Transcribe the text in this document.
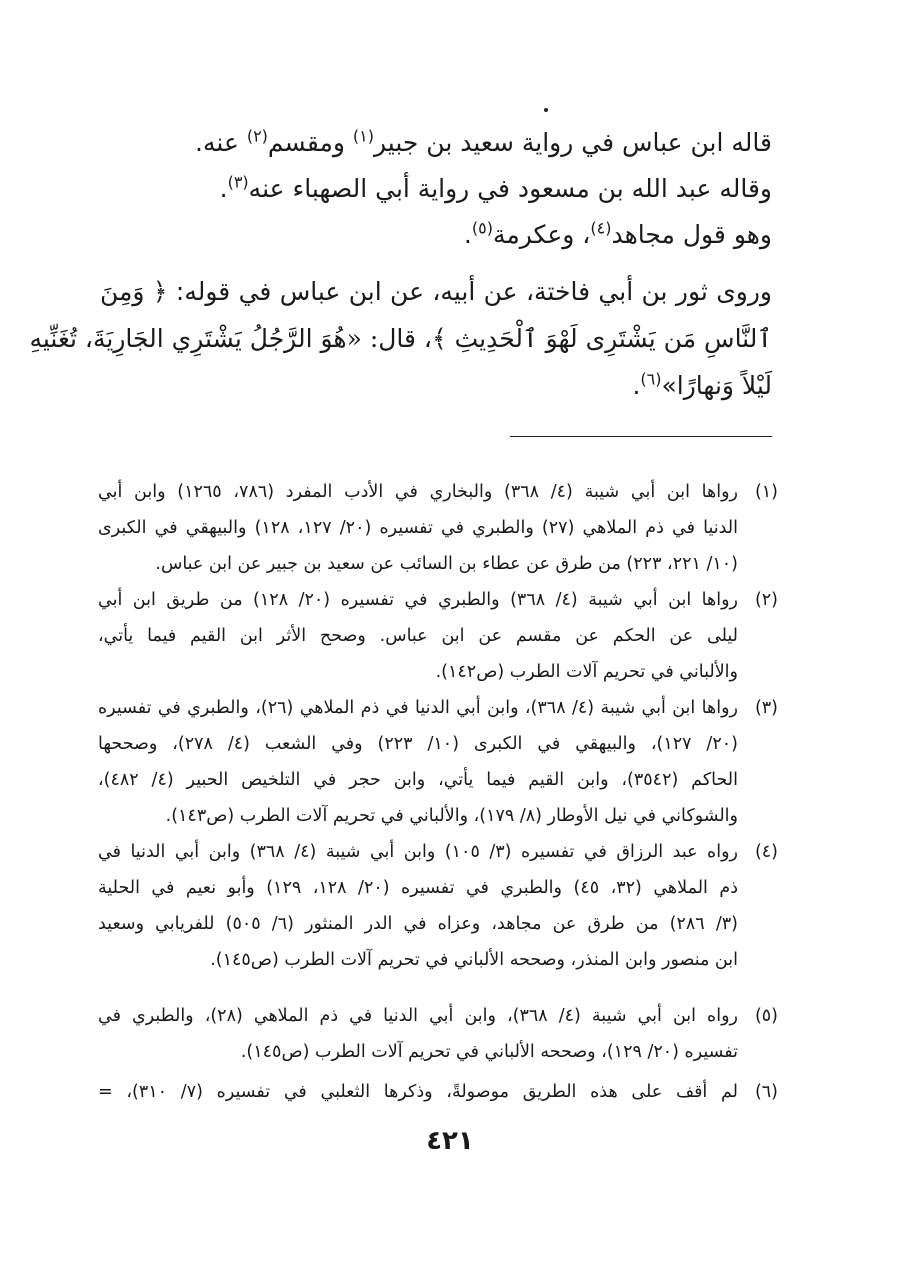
قاله ابن عباس في رواية سعيد بن جبير$^{(١)}$ ومقسم$^{(٢)}$ عنه.
وقاله عبد الله بن مسعود في رواية أبي الصهباء عنه$^{(٣)}$.
وهو قول مجاهد$^{(٤)}$، وعكرمة$^{(٥)}$.
وروى ثور بن أبي فاختة، عن أبيه، عن ابن عباس في قوله: ﴿ وَمِنَ
ٱلنَّاسِ مَن يَشْتَرِى لَهْوَ ٱلْحَدِيثِ ﴾، قال: «هُوَ الرَّجُلُ يَشْتَرِي الجَارِيَةَ، تُغَنِّيهِ
لَيْلاً وَنهارًا»$^{(٦)}$.
(١)
رواها ابن أبي شيبة (٤/ ٣٦٨) والبخاري في الأدب المفرد (٧٨٦، ١٢٦٥) وابن أبي
الدنيا في ذم الملاهي (٢٧) والطبري في تفسيره (٢٠/ ١٢٧، ١٢٨) والبيهقي في الكبرى
(١٠/ ٢٢١، ٢٢٣) من طرق عن عطاء بن السائب عن سعيد بن جبير عن ابن عباس.
(٢)
رواها ابن أبي شيبة (٤/ ٣٦٨) والطبري في تفسيره (٢٠/ ١٢٨) من طريق ابن أبي
ليلى عن الحكم عن مقسم عن ابن عباس. وصحح الأثر ابن القيم فيما يأتي،
والألباني في تحريم آلات الطرب (ص١٤٢).
(٣)
رواها ابن أبي شيبة (٤/ ٣٦٨)، وابن أبي الدنيا في ذم الملاهي (٢٦)، والطبري في تفسيره
(٢٠/ ١٢٧)، والبيهقي في الكبرى (١٠/ ٢٢٣) وفي الشعب (٤/ ٢٧٨)، وصححها
الحاكم (٣٥٤٢)، وابن القيم فيما يأتي، وابن حجر في التلخيص الحبير (٤/ ٤٨٢)،
والشوكاني في نيل الأوطار (٨/ ١٧٩)، والألباني في تحريم آلات الطرب (ص١٤٣).
(٤)
رواه عبد الرزاق في تفسيره (٣/ ١٠٥) وابن أبي شيبة (٤/ ٣٦٨) وابن أبي الدنيا في
ذم الملاهي (٣٢، ٤٥) والطبري في تفسيره (٢٠/ ١٢٨، ١٢٩) وأبو نعيم في الحلية
(٣/ ٢٨٦) من طرق عن مجاهد، وعزاه في الدر المنثور (٦/ ٥٠٥) للفريابي وسعيد
ابن منصور وابن المنذر، وصححه الألباني في تحريم آلات الطرب (ص١٤٥).
(٥)
رواه ابن أبي شيبة (٤/ ٣٦٨)، وابن أبي الدنيا في ذم الملاهي (٢٨)، والطبري في
تفسيره (٢٠/ ١٢٩)، وصححه الألباني في تحريم آلات الطرب (ص١٤٥).
(٦)
لم أقف على هذه الطريق موصولةً، وذكرها الثعلبي في تفسيره (٧/ ٣١٠)، =
٤٢١
